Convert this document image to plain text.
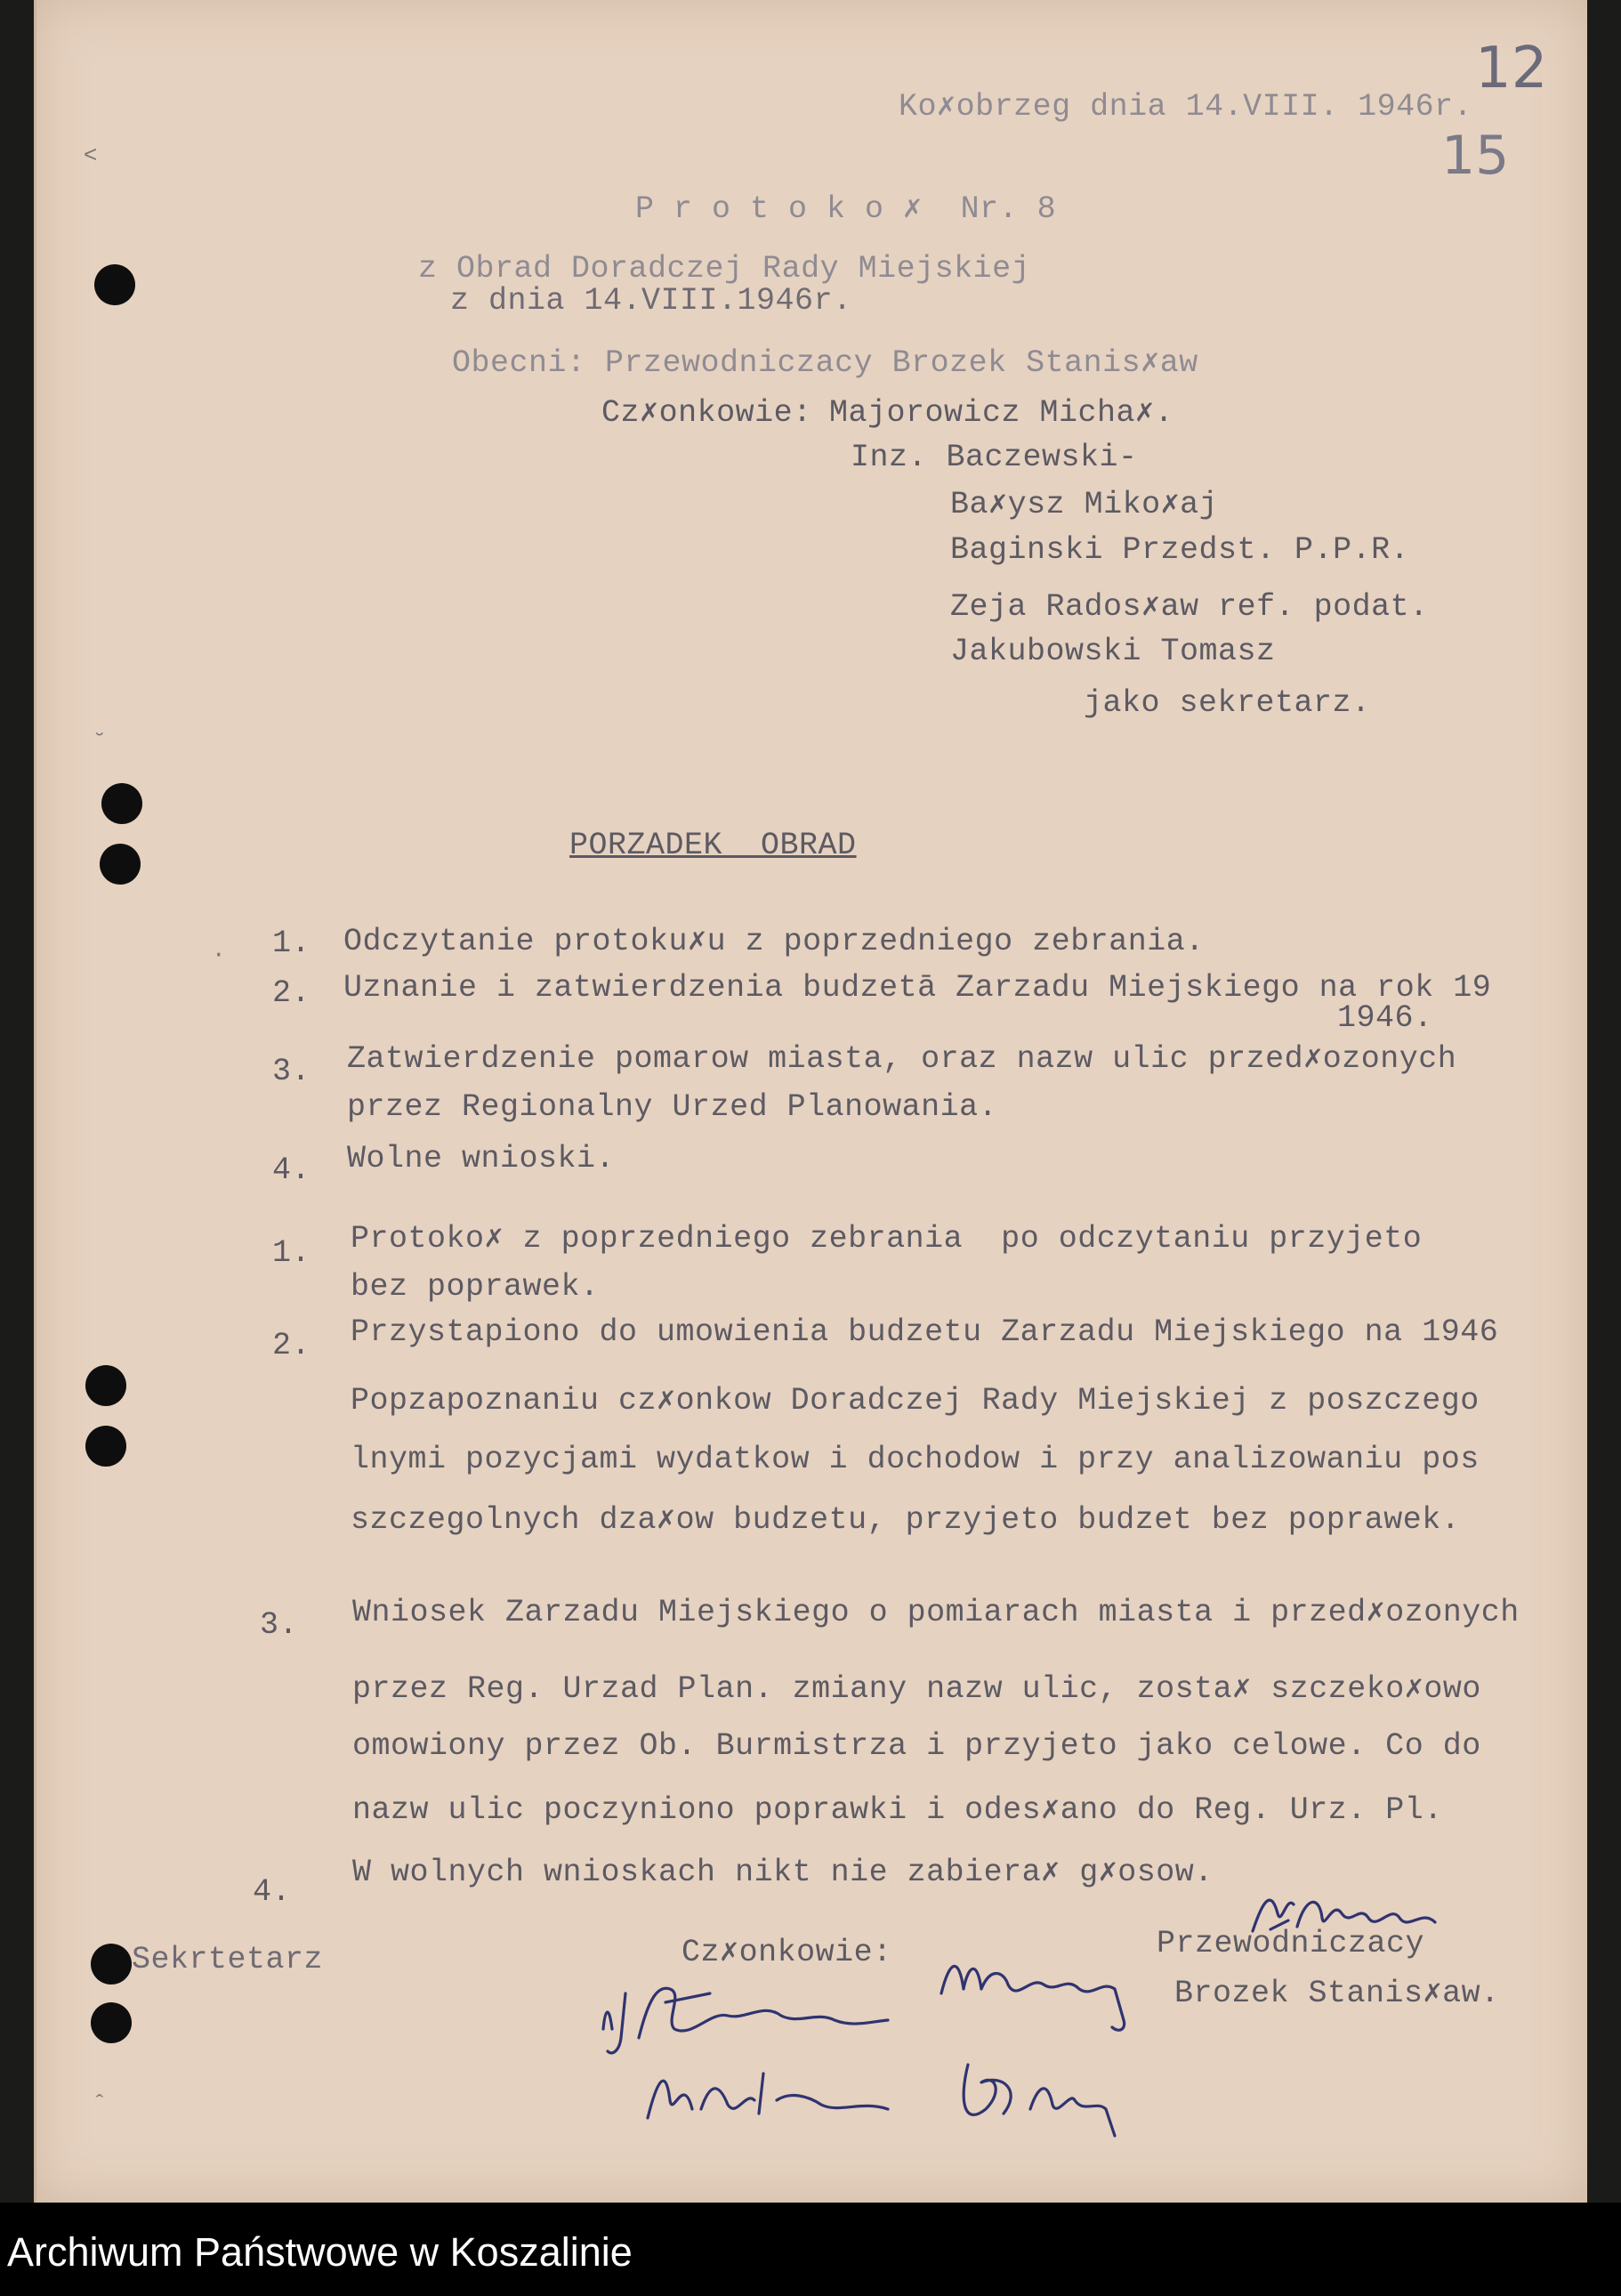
12
15
Ko✗obrzeg dnia 14.VIII. 1946r.
P r o t o k o ✗  Nr. 8
z Obrad Doradczej Rady Miejskiej
z dnia 14.VIII.1946r.
Obecni: Przewodniczacy Brozek Stanis✗aw
Cz✗onkowie: Majorowicz Micha✗.
Inz. Baczewski-
Ba✗ysz Miko✗aj
Baginski Przedst. P.P.R.
Zeja Rados✗aw ref. podat.
Jakubowski Tomasz
jako sekretarz.
PORZADEK  OBRAD
1. Odczytanie protoku✗u z poprzedniego zebrania.
2. Uznanie i zatwierdzenia budzetā Zarzadu Miejskiego na rok 19
1946.
3. Zatwierdzenie pomarow miasta, oraz nazw ulic przed✗ozonych
przez Regionalny Urzed Planowania.
4. Wolne wnioski.
1. Protoko✗ z poprzedniego zebrania  po odczytaniu przyjeto
bez poprawek.
2. Przystapiono do umowienia budzetu Zarzadu Miejskiego na 1946
Popzapoznaniu cz✗onkow Doradczej Rady Miejskiej z poszczego
lnymi pozycjami wydatkow i dochodow i przy analizowaniu pos
szczegolnych dza✗ow budzetu, przyjeto budzet bez poprawek.
3. Wniosek Zarzadu Miejskiego o pomiarach miasta i przed✗ozonych
przez Reg. Urzad Plan. zmiany nazw ulic, zosta✗ szczeko✗owo
omowiony przez Ob. Burmistrza i przyjeto jako celowe. Co do
nazw ulic poczyniono poprawki i odes✗ano do Reg. Urz. Pl.
4.
W wolnych wnioskach nikt nie zabiera✗ g✗osow.
Sekrtetarz	Cz✗onkowie:	Przewodniczacy
Brozek Stanis✗aw.
˂
˘
·
ˆ
Archiwum Państwowe w Koszalinie
